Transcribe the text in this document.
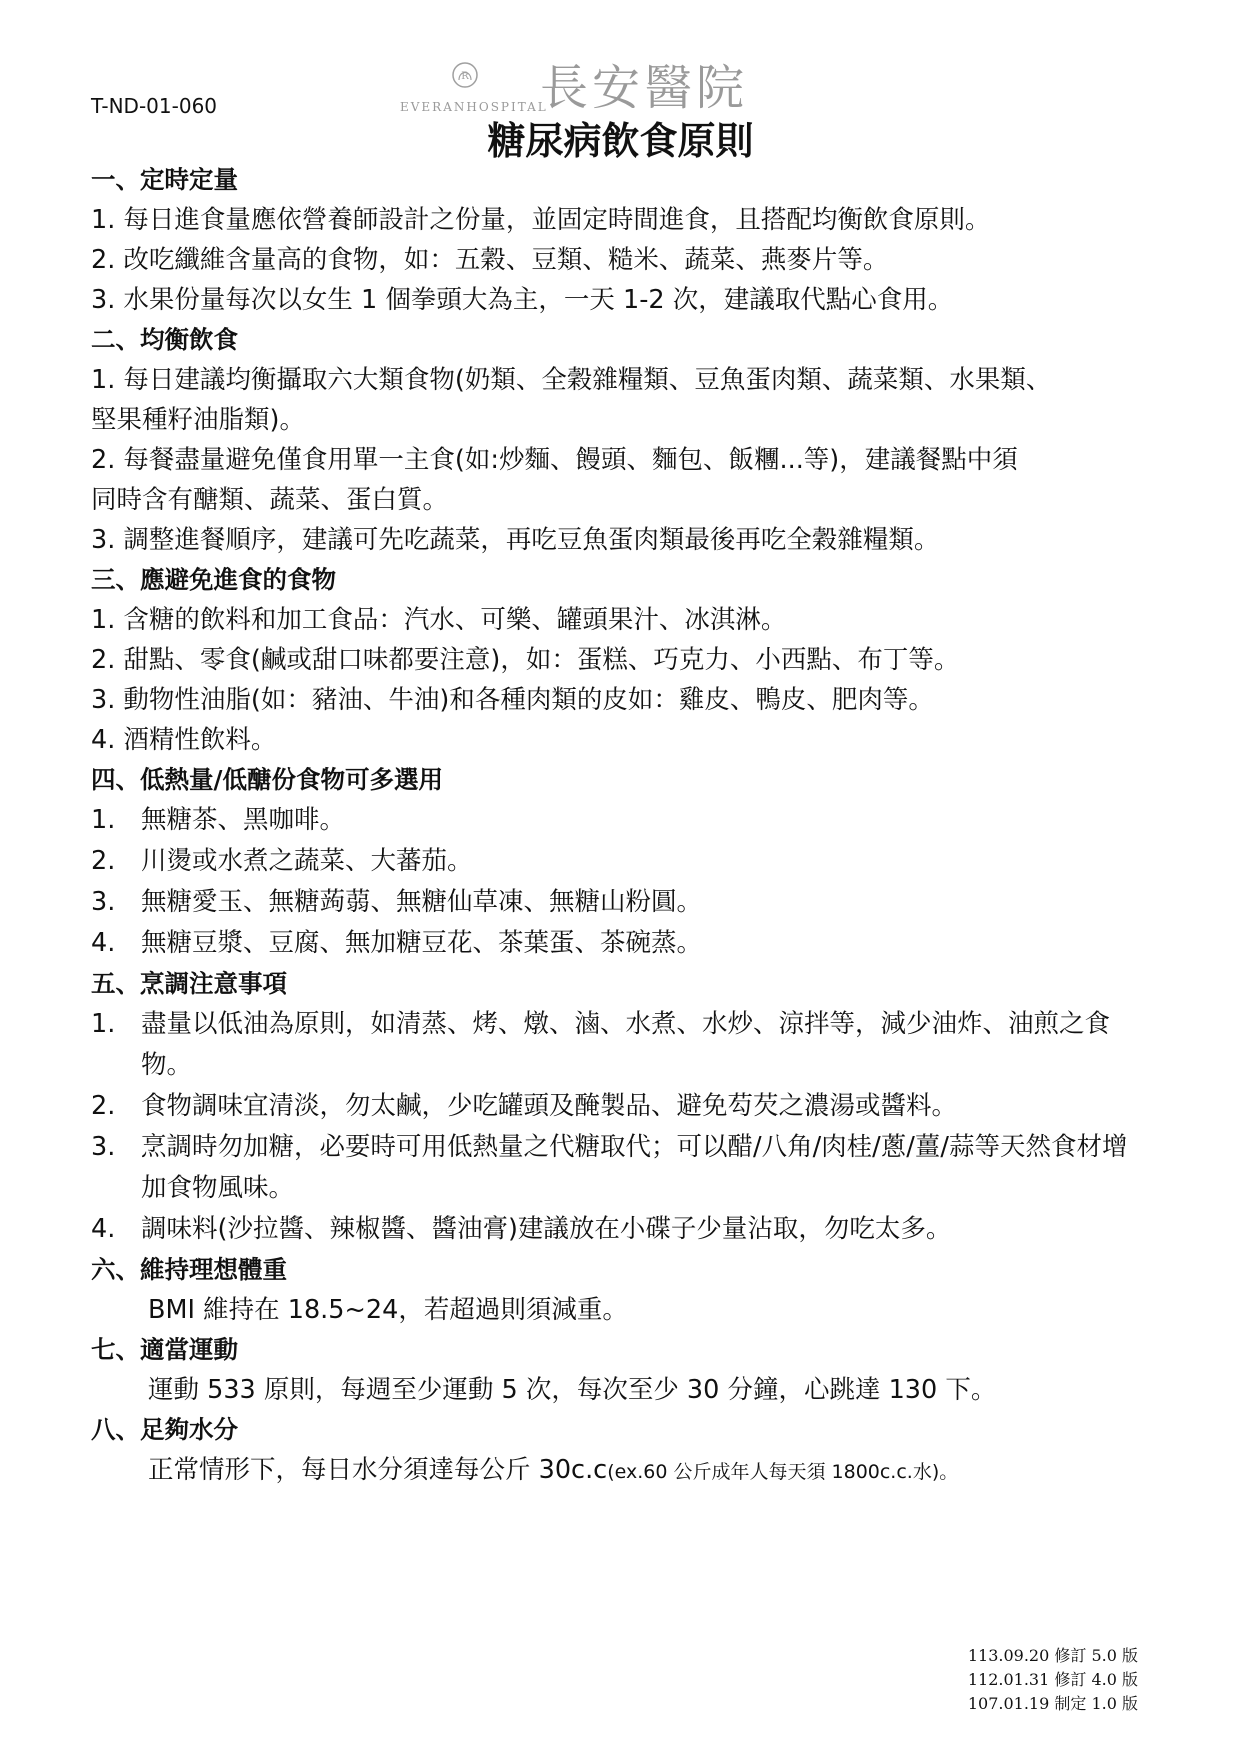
T-ND-01-060
R
EVERANHOSPITAL
長安醫院
糖尿病飲食原則
一、定時定量
1. 每日進食量應依營養師設計之份量，並固定時間進食，且搭配均衡飲食原則。
2. 改吃纖維含量高的食物，如：五穀、豆類、糙米、蔬菜、燕麥片等。
3. 水果份量每次以女生 1 個拳頭大為主，一天 1-2 次，建議取代點心食用。
二、均衡飲食
1. 每日建議均衡攝取六大類食物(奶類、全穀雜糧類、豆魚蛋肉類、蔬菜類、水果類、
堅果種籽油脂類)。
2. 每餐盡量避免僅食用單一主食(如:炒麵、饅頭、麵包、飯糰...等)，建議餐點中須
同時含有醣類、蔬菜、蛋白質。
3. 調整進餐順序，建議可先吃蔬菜，再吃豆魚蛋肉類最後再吃全穀雜糧類。
三、應避免進食的食物
1. 含糖的飲料和加工食品：汽水、可樂、罐頭果汁、冰淇淋。
2. 甜點、零食(鹹或甜口味都要注意)，如：蛋糕、巧克力、小西點、布丁等。
3. 動物性油脂(如：豬油、牛油)和各種肉類的皮如：雞皮、鴨皮、肥肉等。
4. 酒精性飲料。
四、低熱量/低醣份食物可多選用
1.	無糖茶、黑咖啡。
2.	川燙或水煮之蔬菜、大蕃茄。
3.	無糖愛玉、無糖蒟蒻、無糖仙草凍、無糖山粉圓。
4.	無糖豆漿、豆腐、無加糖豆花、茶葉蛋、茶碗蒸。
五、烹調注意事項
1.	盡量以低油為原則，如清蒸、烤、燉、滷、水煮、水炒、涼拌等，減少油炸、油煎之食物。
2.	食物調味宜清淡，勿太鹹，少吃罐頭及醃製品、避免芶芡之濃湯或醬料。
3.	烹調時勿加糖，必要時可用低熱量之代糖取代；可以醋/八角/肉桂/蔥/薑/蒜等天然食材增加食物風味。
4.	調味料(沙拉醬、辣椒醬、醬油膏)建議放在小碟子少量沾取，勿吃太多。
六、維持理想體重
BMI 維持在 18.5~24，若超過則須減重。
七、適當運動
運動 533 原則，每週至少運動 5 次，每次至少 30 分鐘，心跳達 130 下。
八、足夠水分
正常情形下，每日水分須達每公斤 30c.c(ex.60 公斤成年人每天須 1800c.c.水)。
113.09.20 修訂 5.0 版
112.01.31 修訂 4.0 版
107.01.19 制定 1.0 版
